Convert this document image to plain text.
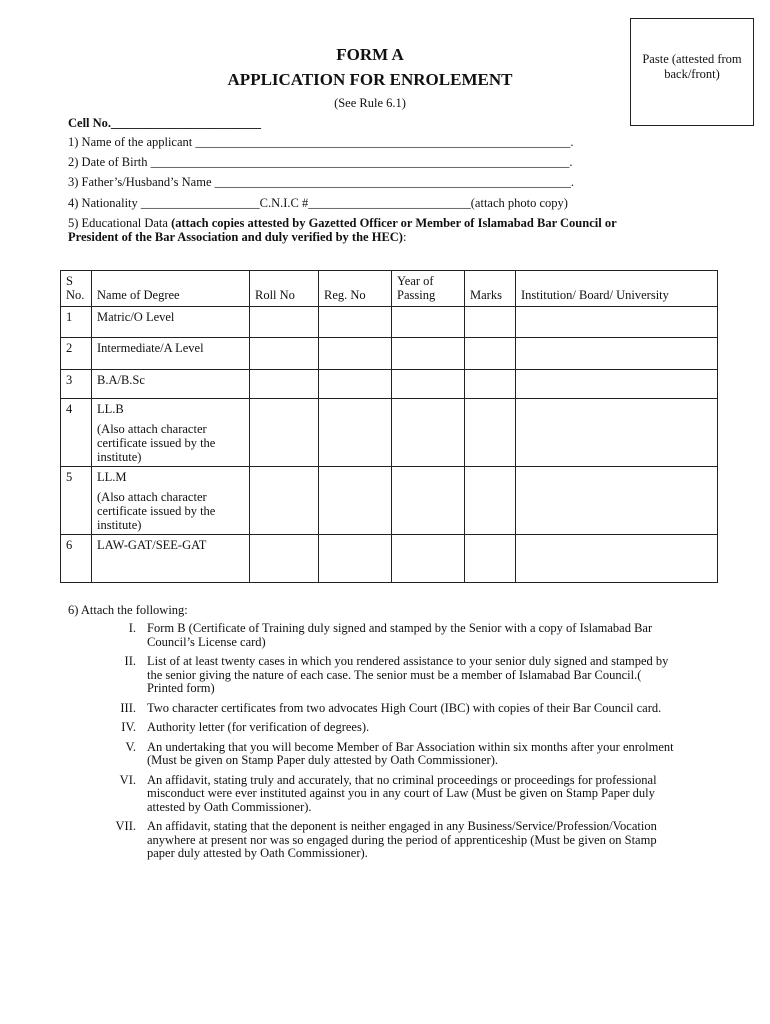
Paste (attested from back/front)
FORM A
APPLICATION FOR ENROLEMENT
(See Rule 6.1)
Cell No.________________________
1) Name of the applicant ____________________________________________________________.
2) Date of Birth ___________________________________________________________________.
3) Father’s/Husband’s Name _________________________________________________________.
4) Nationality ___________________C.N.I.C #__________________________(attach photo copy)
5) Educational Data (attach copies attested by Gazetted Officer or Member of Islamabad Bar Council or President of the Bar Association and duly verified by the HEC):
S No.	Name of Degree	Roll No	Reg. No	Year of Passing	Marks	Institution/ Board/ University
1	Matric/O Level					
2	Intermediate/A Level					
3	B.A/B.Sc					
4	LL.B
(Also attach character certificate issued by the institute)					

5	LL.M
(Also attach character certificate issued by the institute)					

6	LAW-GAT/SEE-GAT					
6) Attach the following:
I. Form B (Certificate of Training duly signed and stamped by the Senior with a copy of Islamabad Bar Council’s License card)
II. List of at least twenty cases in which you rendered assistance to your senior duly signed and stamped by the senior giving the nature of each case. The senior must be a member of Islamabad Bar Council.( Printed form)
III. Two character certificates from two advocates High Court (IBC) with copies of their Bar Council card.
IV. Authority letter (for verification of degrees).
V. An undertaking that you will become Member of Bar Association within six months after your enrolment (Must be given on Stamp Paper duly attested by Oath Commissioner).
VI. An affidavit, stating truly and accurately, that no criminal proceedings or proceedings for professional misconduct were ever instituted against you in any court of Law (Must be given on Stamp Paper duly attested by Oath Commissioner).
VII. An affidavit, stating that the deponent is neither engaged in any Business/Service/Profession/Vocation anywhere at present nor was so engaged during the period of apprenticeship (Must be given on Stamp paper duly attested by Oath Commissioner).
